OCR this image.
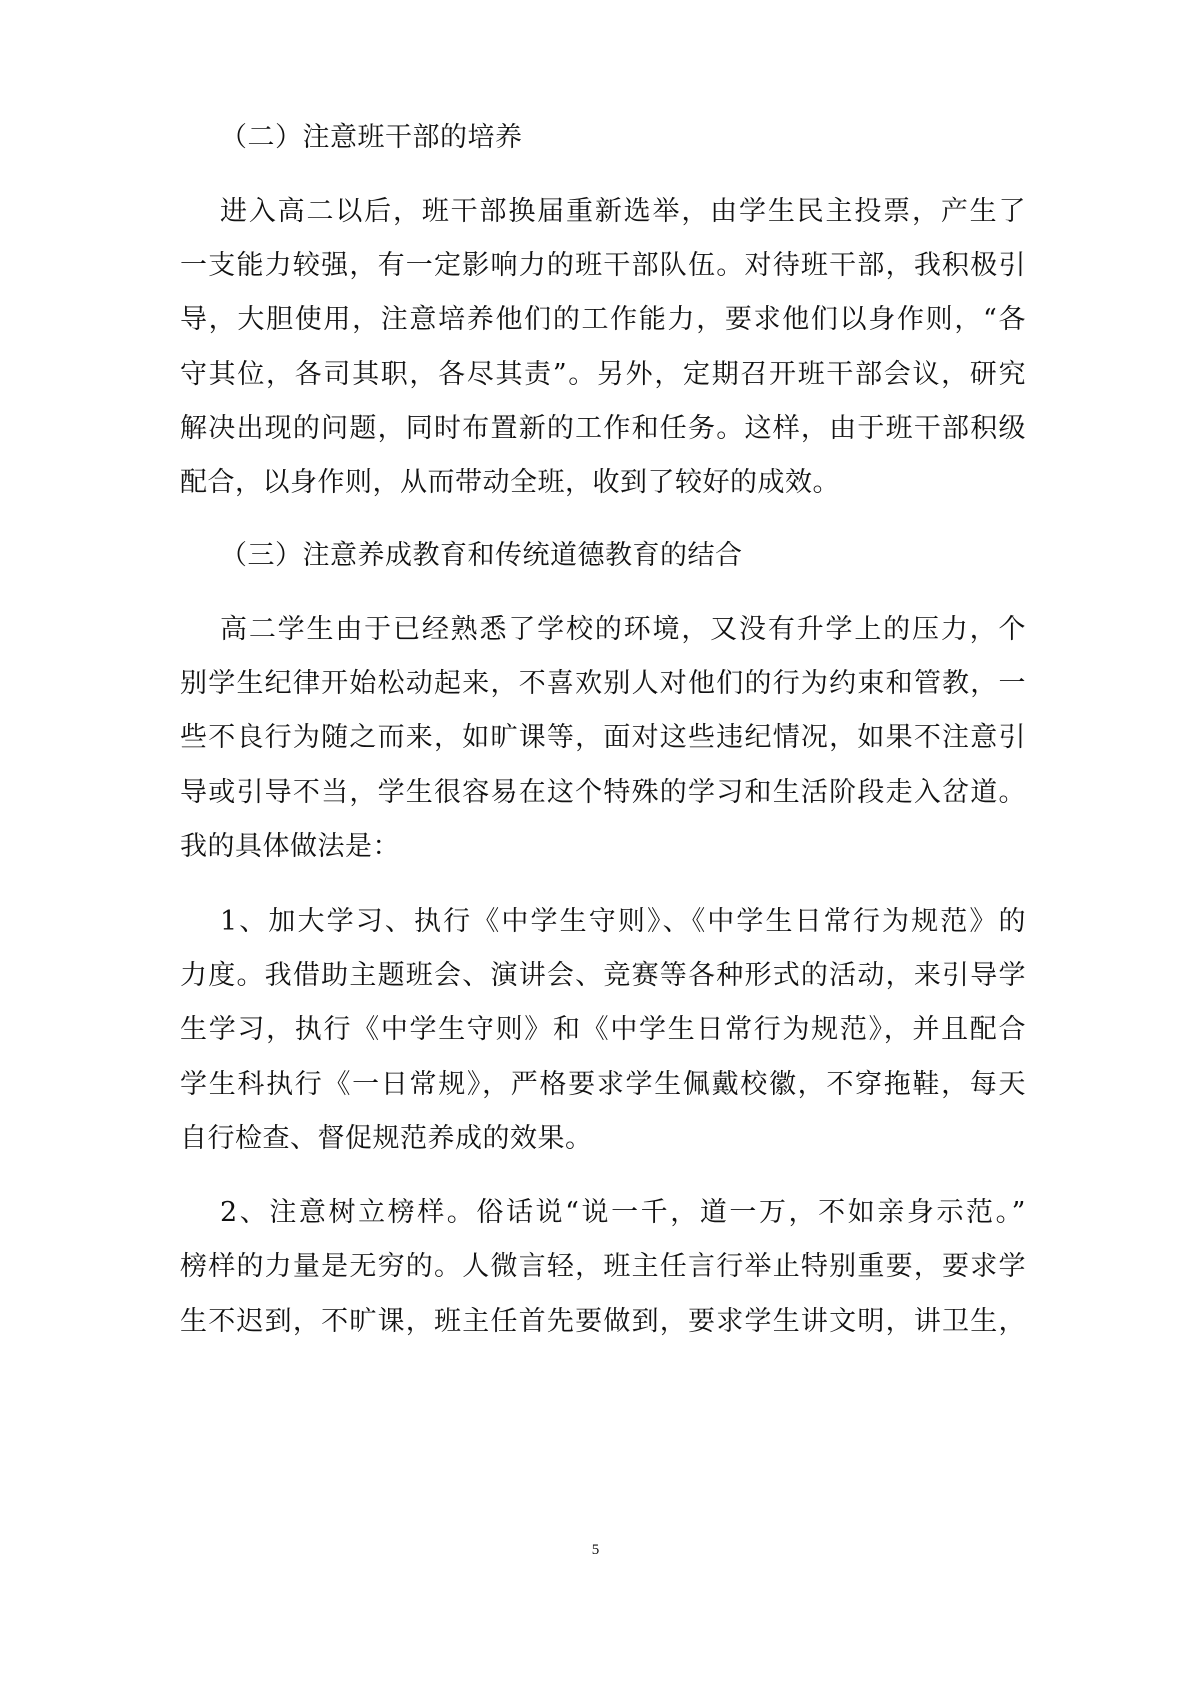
（二）注意班干部的培养
进入高二以后，班干部换届重新选举，由学生民主投票，产生了
一支能力较强，有一定影响力的班干部队伍。对待班干部，我积极引
导，大胆使用，注意培养他们的工作能力，要求他们以身作则，“各
守其位，各司其职，各尽其责”。另外，定期召开班干部会议，研究
解决出现的问题，同时布置新的工作和任务。这样，由于班干部积级
配合，以身作则，从而带动全班，收到了较好的成效。
（三）注意养成教育和传统道德教育的结合
高二学生由于已经熟悉了学校的环境，又没有升学上的压力，个
别学生纪律开始松动起来，不喜欢别人对他们的行为约束和管教，一
些不良行为随之而来，如旷课等，面对这些违纪情况，如果不注意引
导或引导不当，学生很容易在这个特殊的学习和生活阶段走入岔道。
我的具体做法是：
1、加大学习、执行《中学生守则》、《中学生日常行为规范》的
力度。我借助主题班会、演讲会、竞赛等各种形式的活动，来引导学
生学习，执行《中学生守则》和《中学生日常行为规范》，并且配合
学生科执行《一日常规》，严格要求学生佩戴校徽，不穿拖鞋，每天
自行检查、督促规范养成的效果。
2、注意树立榜样。俗话说“说一千，道一万，不如亲身示范。”
榜样的力量是无穷的。人微言轻，班主任言行举止特别重要，要求学
生不迟到，不旷课，班主任首先要做到，要求学生讲文明，讲卫生，
5
